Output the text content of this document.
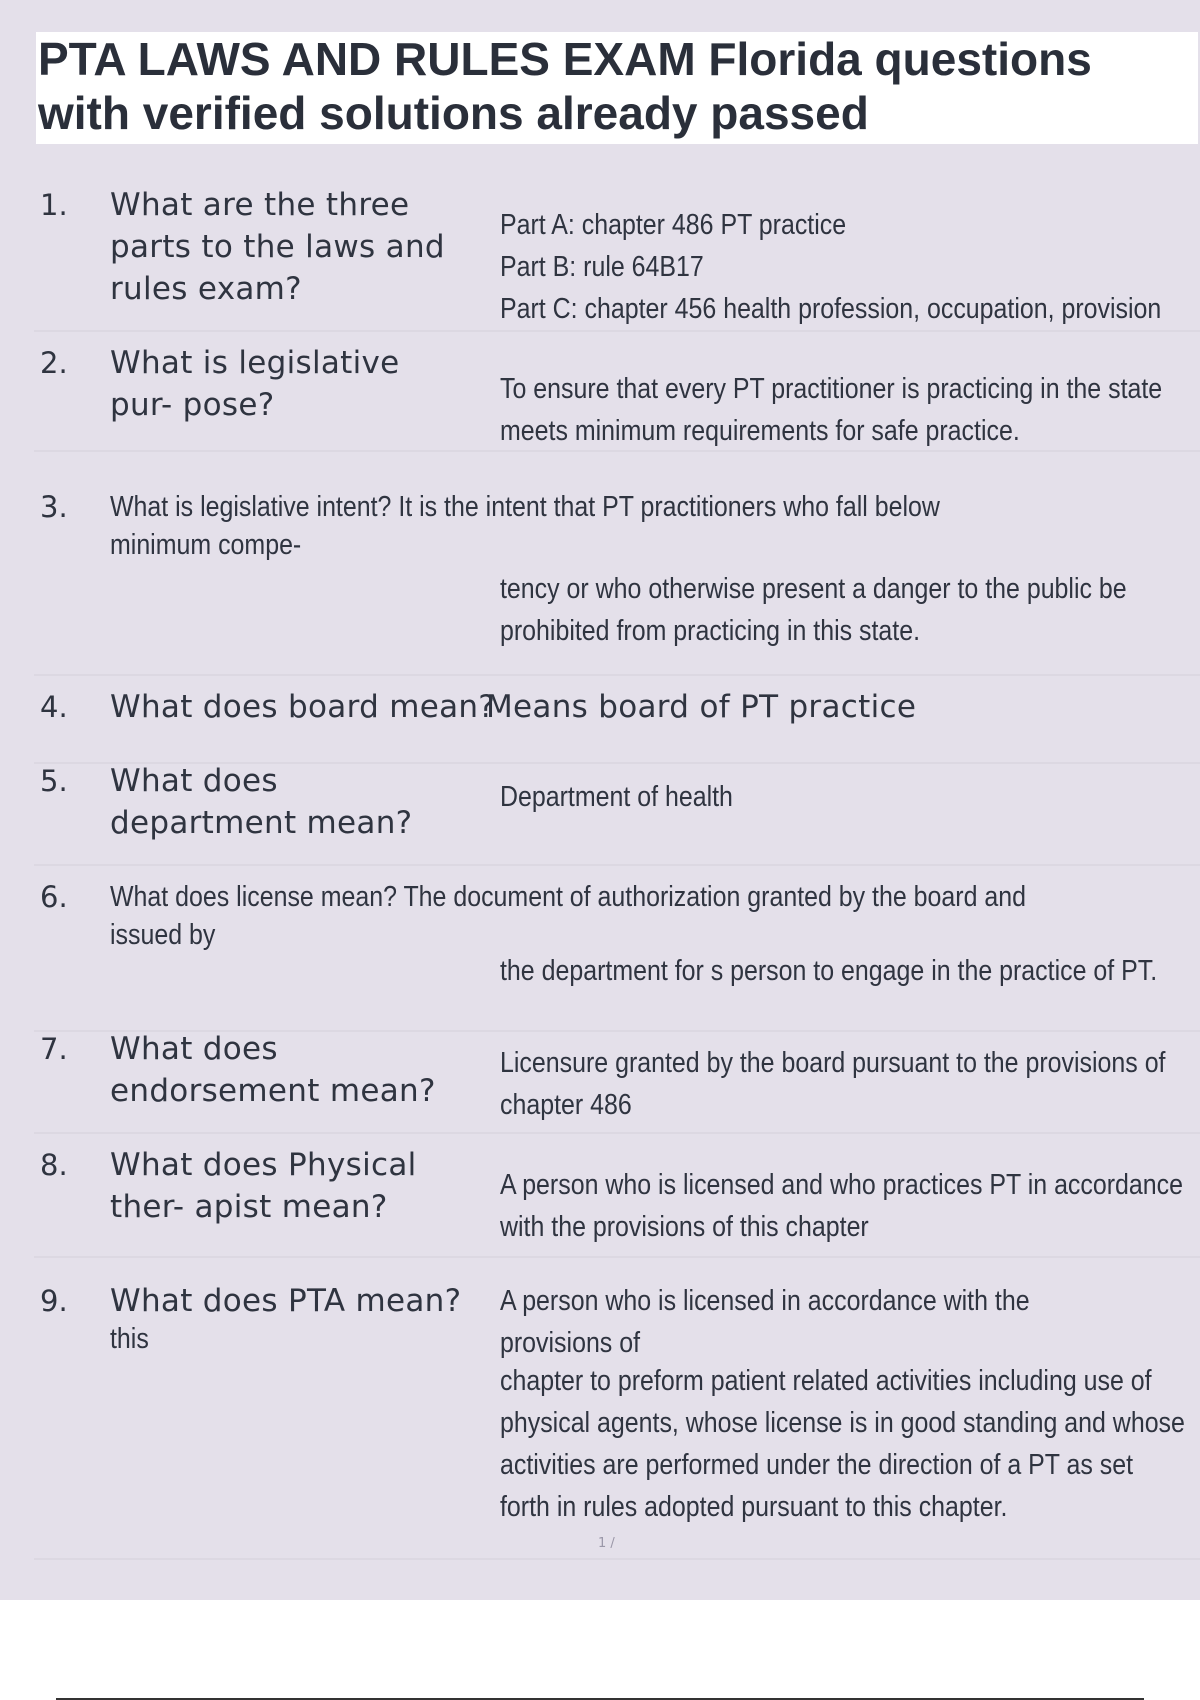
PTA LAWS AND RULES EXAM Florida questions with verified solutions already passed
1. What are the three
parts to the laws and
rules exam?
Part A: chapter 486 PT practice
Part B: rule 64B17
Part C: chapter 456 health profession, occupation, provision
2. What is legislative
pur- pose?	To ensure that every PT practitioner is practicing in the state
meets minimum requirements for safe practice.
3. What is legislative intent? It is the intent that PT practitioners who fall below
minimum compe-
tency or who otherwise present a danger to the public be
prohibited from practicing in this state.
4. What does board mean?
Means board of PT practice
5. What does
department mean?
Department of health
6. What does license mean? The document of authorization granted by the board and
issued by
the department for s person to engage in the practice of PT.
7. What does
endorsement mean?
Licensure granted by the board pursuant to the provisions of
chapter 486
8. What does Physical
ther- apist mean?
A person who is licensed and who practices PT in accordance
with the provisions of this chapter
9. What does PTA mean? A person who is licensed in accordance with the provisions of
this
chapter to preform patient related activities including use of
physical agents, whose license is in good standing and whose
activities are performed under the direction of a PT as set
forth in rules adopted pursuant to this chapter.
1 /
